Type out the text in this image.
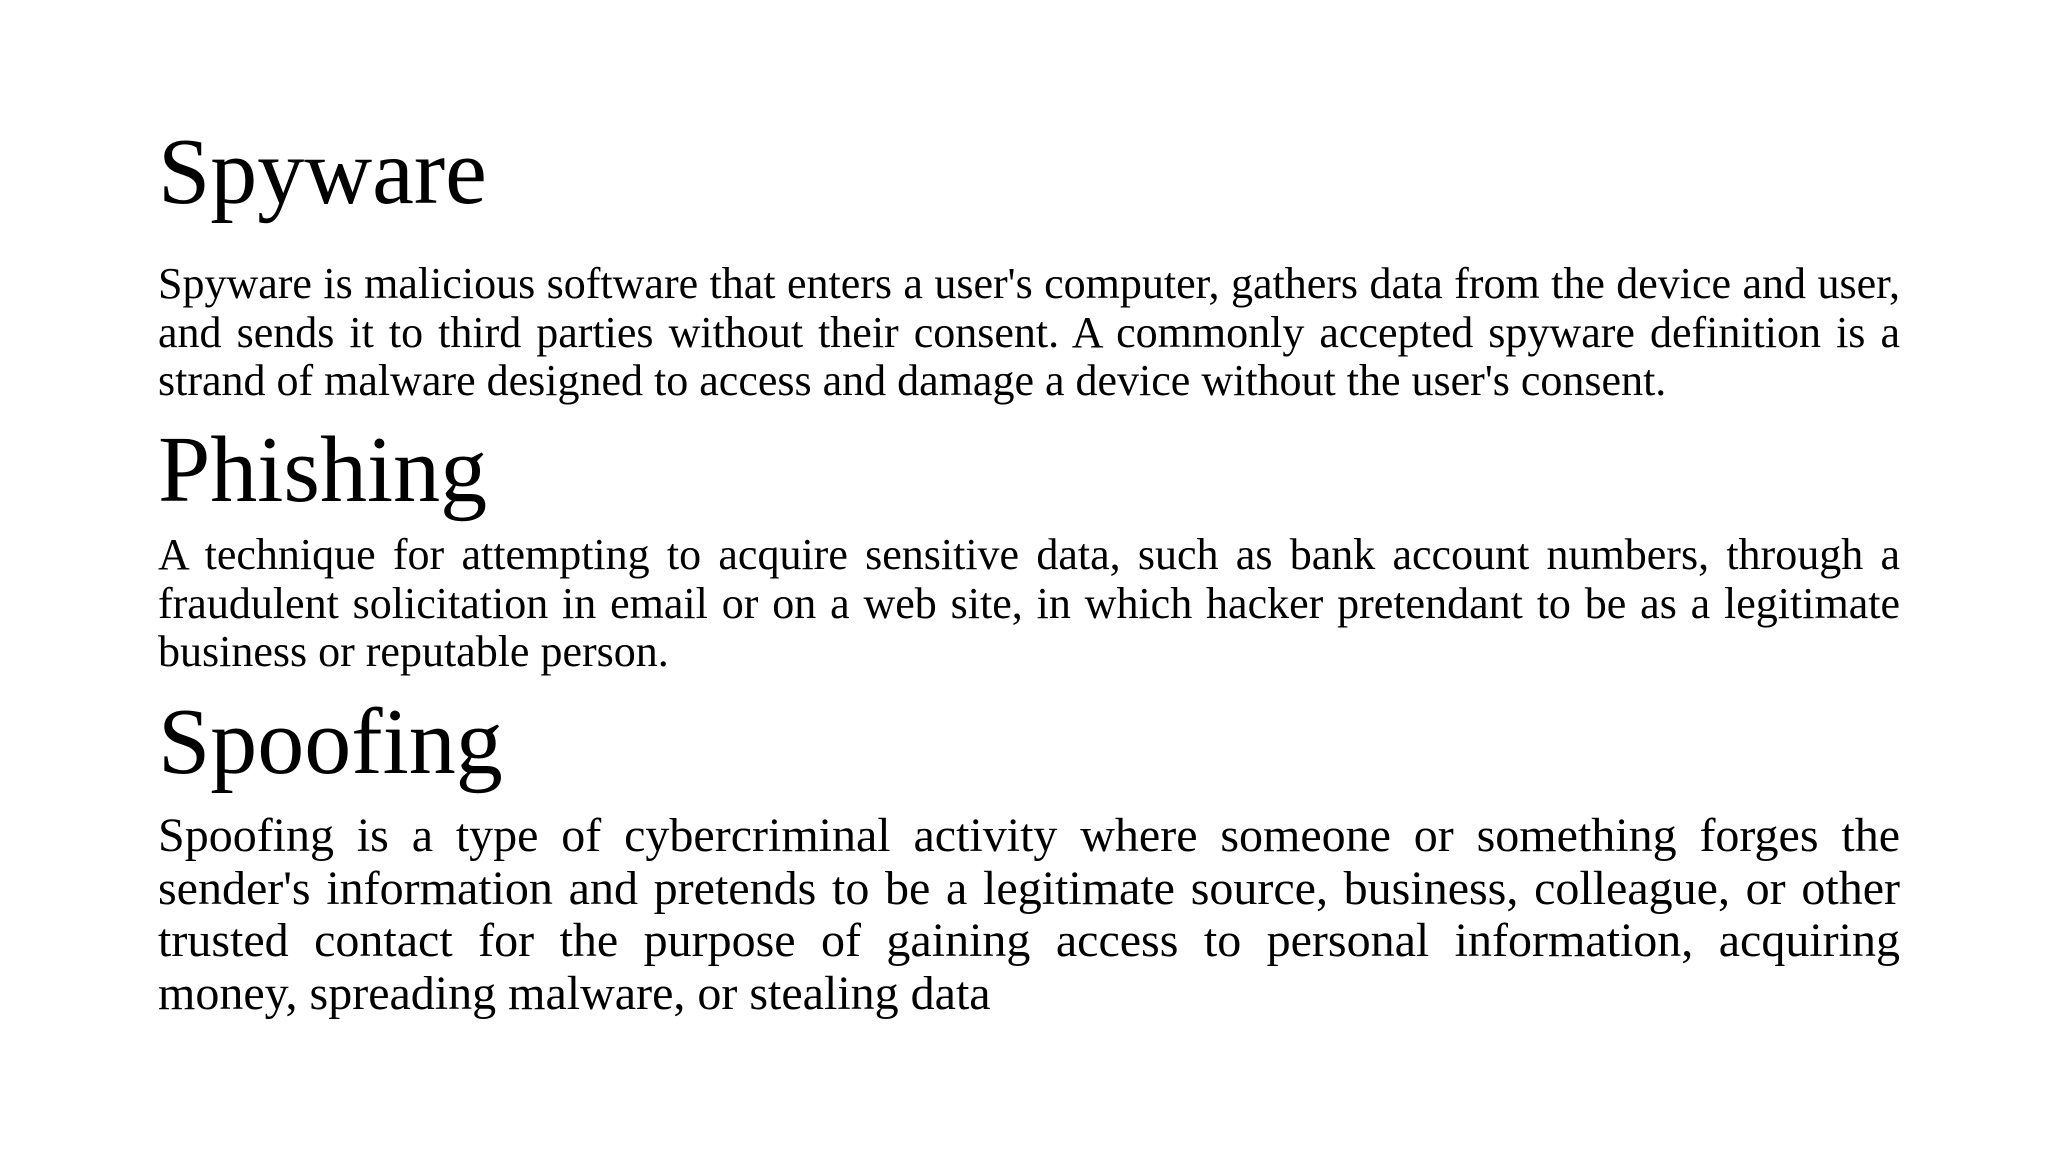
Spyware

Spyware is malicious software that enters a user's computer, gathers data from the device and user, and sends it to third parties without their consent. A commonly accepted spyware definition is a strand of malware designed to access and damage a device without the user's consent.

Phishing

A technique for attempting to acquire sensitive data, such as bank account numbers, through a fraudulent solicitation in email or on a web site, in which hacker pretendant to be as a legitimate business or reputable person.

Spoofing

Spoofing is a type of cybercriminal activity where someone or something forges the sender's information and pretends to be a legitimate source, business, colleague, or other trusted contact for the purpose of gaining access to personal information, acquiring money, spreading malware, or stealing data
